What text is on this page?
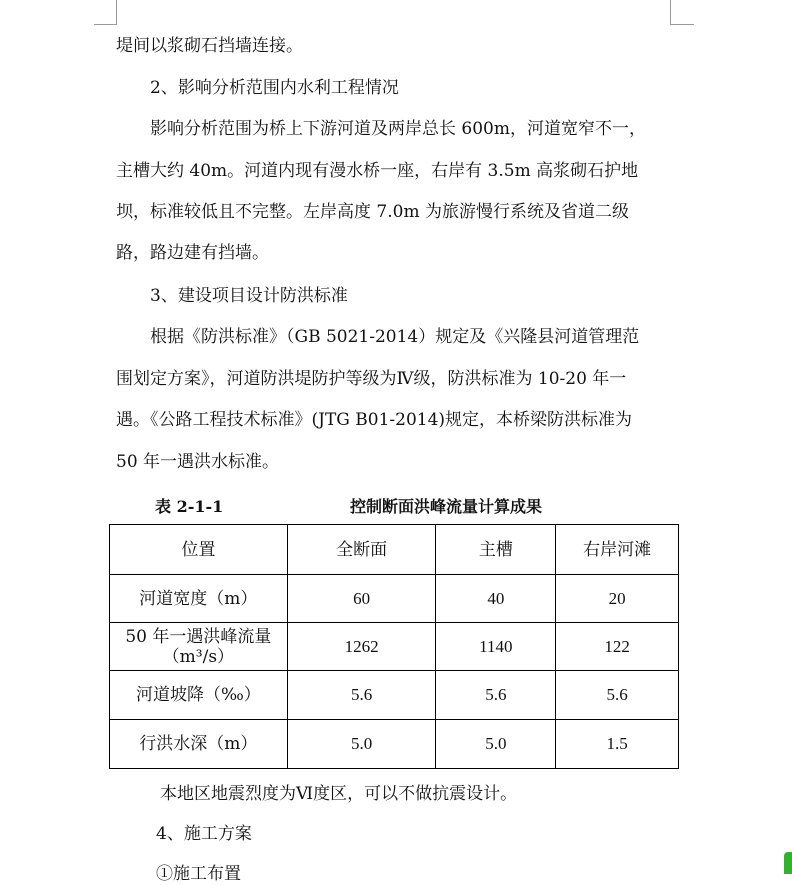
堤间以浆砌石挡墙连接。

2、影响分析范围内水利工程情况

影响分析范围为桥上下游河道及两岸总长 600m，河道宽窄不一，

主槽大约 40m。河道内现有漫水桥一座，右岸有 3.5m 高浆砌石护地

坝，标准较低且不完整。左岸高度 7.0m 为旅游慢行系统及省道二级

路，路边建有挡墙。

3、建设项目设计防洪标准

根据《防洪标准》（GB 5021-2014）规定及《兴隆县河道管理范

围划定方案》，河道防洪堤防护等级为Ⅳ级，防洪标准为 10-20 年一

遇。《公路工程技术标准》(JTG B01-2014)规定，本桥梁防洪标准为

50 年一遇洪水标准。

表 2-1-1	控制断面洪峰流量计算成果
位置	全断面	主槽	右岸河滩
河道宽度（m）	60	40	20

50 年一遇洪峰流量
（m³/s）	1262	1140	122
河道坡降（‰）	5.6	5.6	5.6
行洪水深（m）	5.0	5.0	1.5

本地区地震烈度为Ⅵ度区，可以不做抗震设计。

4、施工方案

①施工布置
